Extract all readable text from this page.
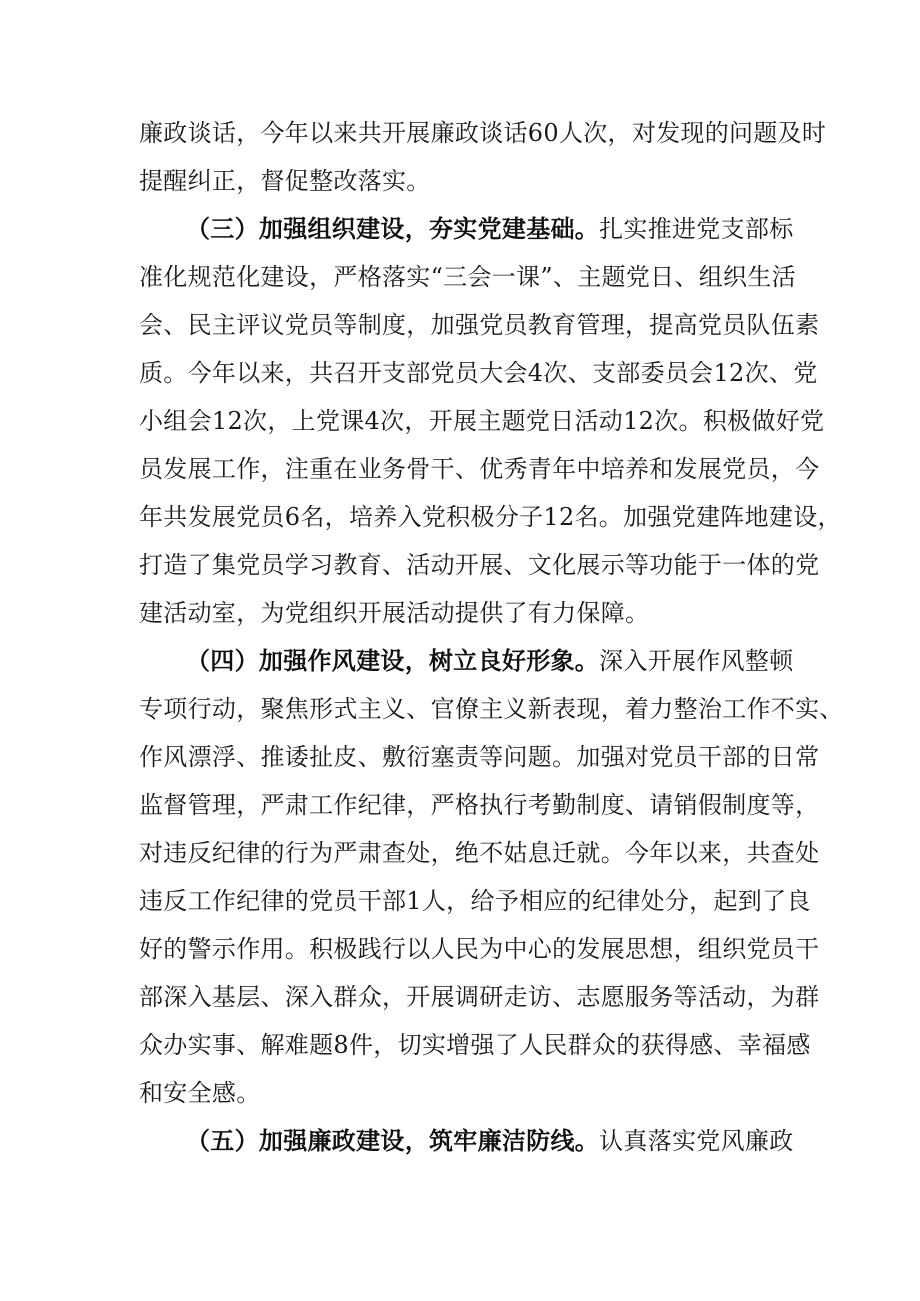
廉政谈话，今年以来共开展廉政谈话60人次，对发现的问题及时
提醒纠正，督促整改落实。
（三）加强组织建设，夯实党建基础。扎实推进党支部标
准化规范化建设，严格落实“三会一课”、主题党日、组织生活
会、民主评议党员等制度，加强党员教育管理，提高党员队伍素
质。今年以来，共召开支部党员大会4次、支部委员会12次、党
小组会12次，上党课4次，开展主题党日活动12次。积极做好党
员发展工作，注重在业务骨干、优秀青年中培养和发展党员，今
年共发展党员6名，培养入党积极分子12名。加强党建阵地建设，
打造了集党员学习教育、活动开展、文化展示等功能于一体的党
建活动室，为党组织开展活动提供了有力保障。
（四）加强作风建设，树立良好形象。深入开展作风整顿
专项行动，聚焦形式主义、官僚主义新表现，着力整治工作不实、
作风漂浮、推诿扯皮、敷衍塞责等问题。加强对党员干部的日常
监督管理，严肃工作纪律，严格执行考勤制度、请销假制度等，
对违反纪律的行为严肃查处，绝不姑息迁就。今年以来，共查处
违反工作纪律的党员干部1人，给予相应的纪律处分，起到了良
好的警示作用。积极践行以人民为中心的发展思想，组织党员干
部深入基层、深入群众，开展调研走访、志愿服务等活动，为群
众办实事、解难题8件，切实增强了人民群众的获得感、幸福感
和安全感。
（五）加强廉政建设，筑牢廉洁防线。认真落实党风廉政
